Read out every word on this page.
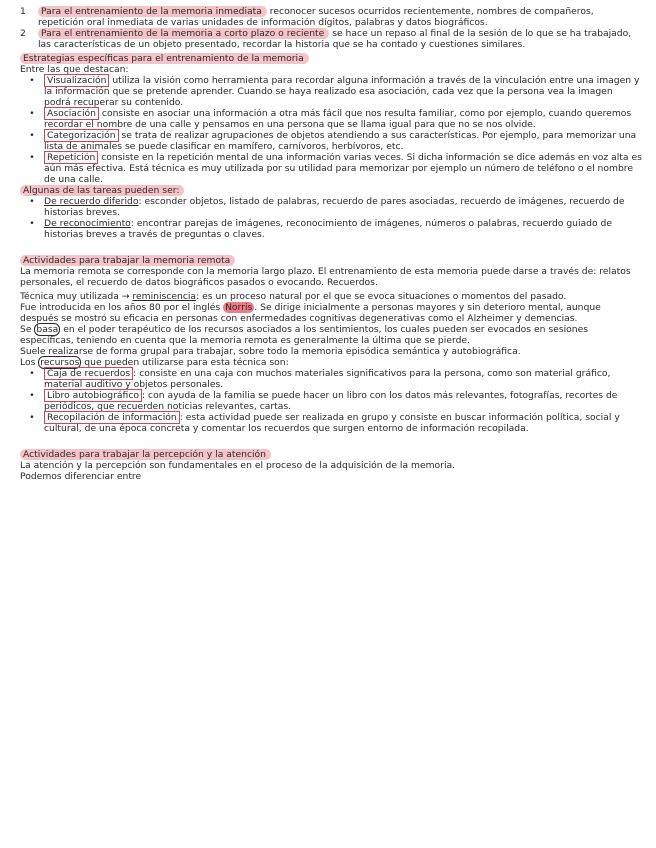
1	Para el entrenamiento de la memoria inmediata reconocer sucesos ocurridos recientemente, nombres de compañeros, repetición oral inmediata de varias unidades de información dígitos, palabras y datos biográficos.

2	Para el entrenamiento de la memoria a corto plazo o reciente se hace un repaso al final de la sesión de lo que se ha trabajado, las características de un objeto presentado, recordar la historia que se ha contado y cuestiones similares.

Estrategias específicas para el entrenamiento de la memoria

Entre las que destacan:

•	Visualización utiliza la visión como herramienta para recordar alguna información a través de la vinculación entre una imagen y la información que se pretende aprender. Cuando se haya realizado esa asociación, cada vez que la persona vea la imagen podrá recuperar su contenido.

•	Asociación consiste en asociar una información a otra más fácil que nos resulta familiar, como por ejemplo, cuando queremos recordar el nombre de una calle y pensamos en una persona que se llama igual para que no se nos olvide.

•	Categorización se trata de realizar agrupaciones de objetos atendiendo a sus características. Por ejemplo, para memorizar una lista de animales se puede clasificar en mamífero, carnívoros, herbívoros, etc.

•	Repetición consiste en la repetición mental de una información varias veces. Si dicha información se dice además en voz alta es aún más efectiva. Está técnica es muy utilizada por su utilidad para memorizar por ejemplo un número de teléfono o el nombre de una calle.

Algunas de las tareas pueden ser:

•	De recuerdo diferido: esconder objetos, listado de palabras, recuerdo de pares asociadas, recuerdo de imágenes, recuerdo de historias breves.

•	De reconocimiento: encontrar parejas de imágenes, reconocimiento de imágenes, números o palabras, recuerdo guiado de historias breves a través de preguntas o claves.

Actividades para trabajar la memoria remota

La memoria remota se corresponde con la memoria largo plazo. El entrenamiento de esta memoria puede darse a través de: relatos personales, el recuerdo de datos biográficos pasados o evocando. Recuerdos.

Técnica muy utilizada → reminiscencia: es un proceso natural por el que se evoca situaciones o momentos del pasado.

Fue introducida en los años 80 por el inglés Norris . Se dirige inicialmente a personas mayores y sin deterioro mental, aunque después se mostró su eficacia en personas con enfermedades cognitivas degenerativas como el Alzheimer y demencias.

Se basa en el poder terapéutico de los recursos asociados a los sentimientos, los cuales pueden ser evocados en sesiones específicas, teniendo en cuenta que la memoria remota es generalmente la última que se pierde.

Suele realizarse de forma grupal para trabajar, sobre todo la memoria episódica semántica y autobiográfica.

Los recursos que pueden utilizarse para esta técnica son:

•	Caja de recuerdos : consiste en una caja con muchos materiales significativos para la persona, como son material gráfico, material auditivo y objetos personales.

•	Libro autobiográfico : con ayuda de la familia se puede hacer un libro con los datos más relevantes, fotografías, recortes de periódicos, que recuerden noticias relevantes, cartas.

•	Recopilación de información : esta actividad puede ser realizada en grupo y consiste en buscar información política, social y cultural, de una época concreta y comentar los recuerdos que surgen entorno de información recopilada.

Actividades para trabajar la percepción y la atención

La atención y la percepción son fundamentales en el proceso de la adquisición de la memoria.

Podemos diferenciar entre
